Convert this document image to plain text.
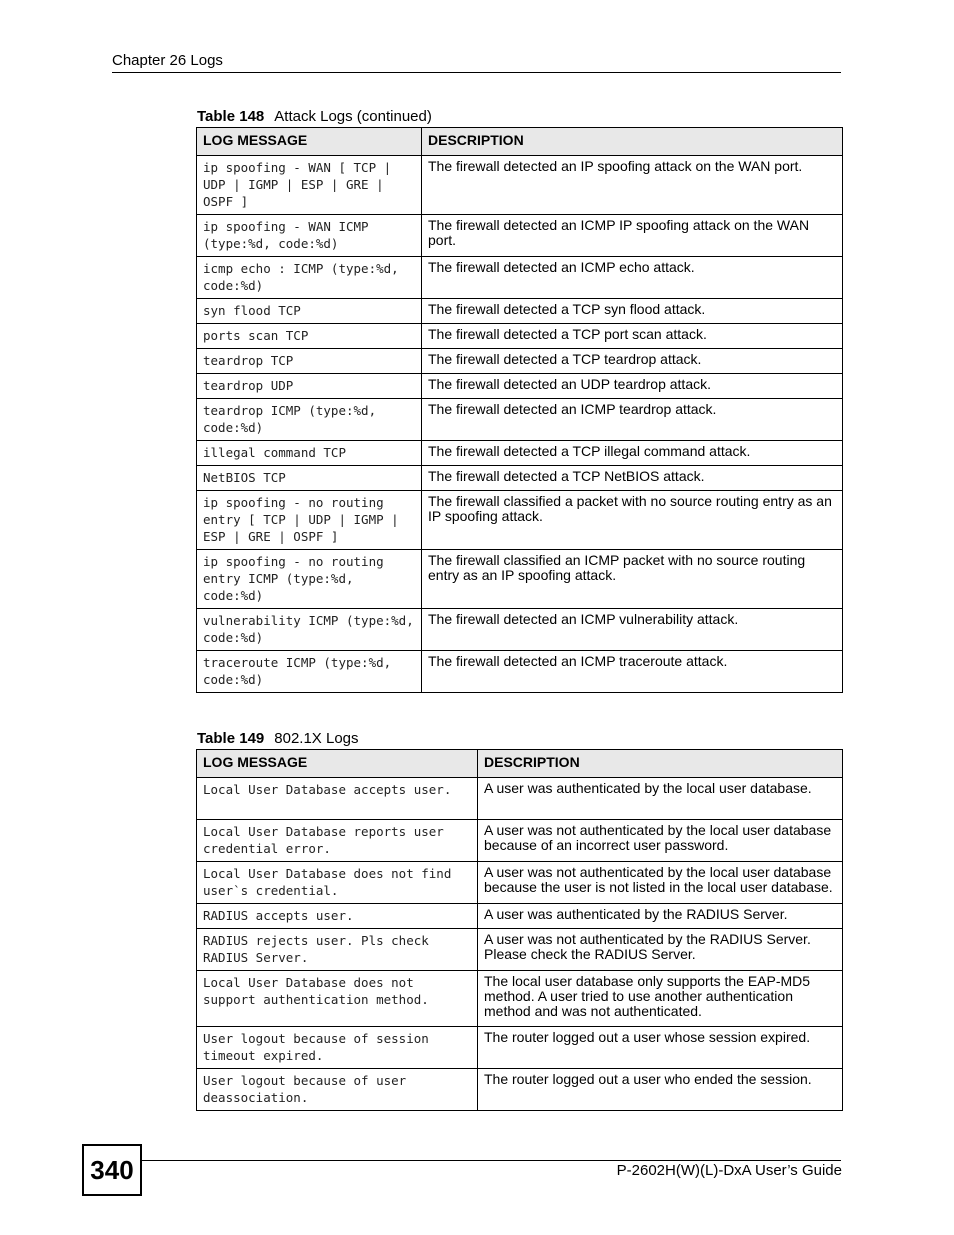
Chapter 26 Logs
Table 148 Attack Logs (continued)
LOG MESSAGE	DESCRIPTION
ip spoofing - WAN [ TCP | UDP | IGMP | ESP | GRE | OSPF ]	The firewall detected an IP spoofing attack on the WAN port.
ip spoofing - WAN ICMP (type:%d, code:%d)	The firewall detected an ICMP IP spoofing attack on the WAN port.
icmp echo : ICMP (type:%d, code:%d)	The firewall detected an ICMP echo attack.
syn flood TCP	The firewall detected a TCP syn flood attack.
ports scan TCP	The firewall detected a TCP port scan attack.
teardrop TCP	The firewall detected a TCP teardrop attack.
teardrop UDP	The firewall detected an UDP teardrop attack.
teardrop ICMP (type:%d, code:%d)	The firewall detected an ICMP teardrop attack.
illegal command TCP	The firewall detected a TCP illegal command attack.
NetBIOS TCP	The firewall detected a TCP NetBIOS attack.
ip spoofing - no routing entry [ TCP | UDP | IGMP | ESP | GRE | OSPF ]	The firewall classified a packet with no source routing entry as an IP spoofing attack.
ip spoofing - no routing entry ICMP (type:%d, code:%d)	The firewall classified an ICMP packet with no source routing entry as an IP spoofing attack.
vulnerability ICMP (type:%d, code:%d)	The firewall detected an ICMP vulnerability attack.
traceroute ICMP (type:%d, code:%d)	The firewall detected an ICMP traceroute attack.
Table 149 802.1X Logs
LOG MESSAGE	DESCRIPTION
Local User Database accepts user.	A user was authenticated by the local user database.
Local User Database reports user credential error.	A user was not authenticated by the local user database because of an incorrect user password.
Local User Database does not find user`s credential.	A user was not authenticated by the local user database because the user is not listed in the local user database.
RADIUS accepts user.	A user was authenticated by the RADIUS Server.
RADIUS rejects user. Pls check RADIUS Server.	A user was not authenticated by the RADIUS Server. Please check the RADIUS Server.
Local User Database does not support authentication method.	The local user database only supports the EAP-MD5 method. A user tried to use another authentication method and was not authenticated.
User logout because of session timeout expired.	The router logged out a user whose session expired.
User logout because of user deassociation.	The router logged out a user who ended the session.
340	P-2602H(W)(L)-DxA User’s Guide
